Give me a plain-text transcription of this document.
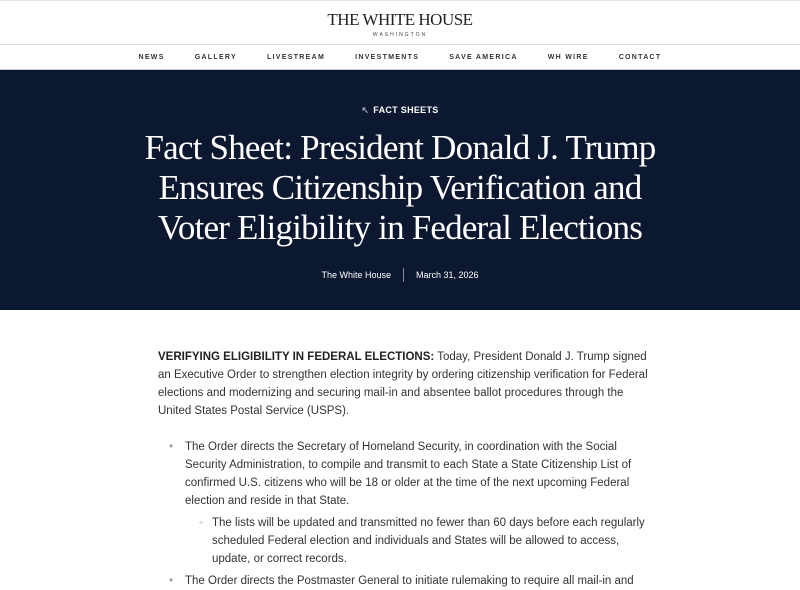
THE WHITE HOUSE
WASHINGTON
NEWS	GALLERY	LIVESTREAM	INVESTMENTS	SAVE AMERICA	WH WIRE	CONTACT
↖ FACT SHEETS
Fact Sheet: President Donald J. Trump Ensures Citizenship Verification and Voter Eligibility in Federal Elections
The White House	March 31, 2026

VERIFYING ELIGIBILITY IN FEDERAL ELECTIONS: Today, President Donald J. Trump signed an Executive Order to strengthen election integrity by ordering citizenship verification for Federal elections and modernizing and securing mail-in and absentee ballot procedures through the United States Postal Service (USPS).

• The Order directs the Secretary of Homeland Security, in coordination with the Social Security Administration, to compile and transmit to each State a State Citizenship List of confirmed U.S. citizens who will be 18 or older at the time of the next upcoming Federal election and reside in that State.
◦ The lists will be updated and transmitted no fewer than 60 days before each regularly scheduled Federal election and individuals and States will be allowed to access, update, or correct records.
• The Order directs the Postmaster General to initiate rulemaking to require all mail-in and
